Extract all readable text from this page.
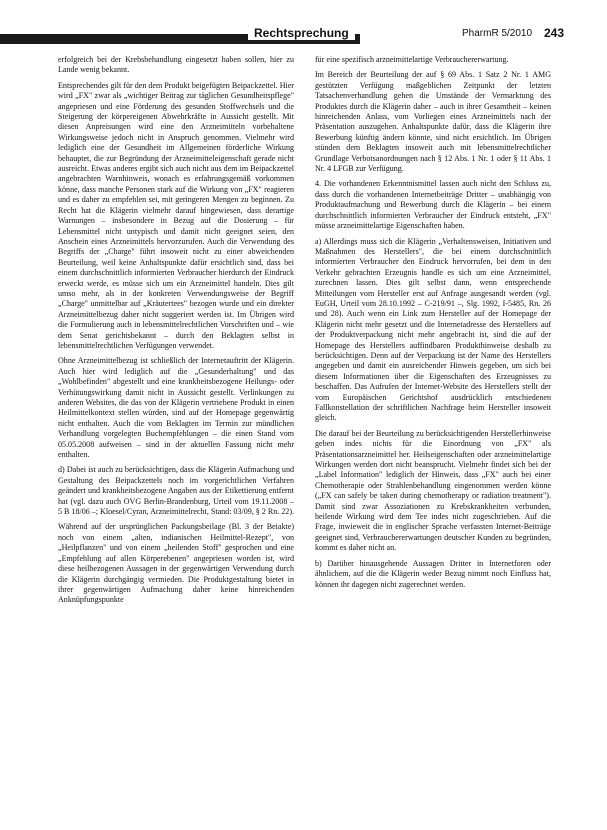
Rechtsprechung	PharmR 5/2010 243

erfolgreich bei der Krebsbehandlung eingesetzt haben sollen, hier zu Lande wenig bekannt.

Entsprechendes gilt für den dem Produkt beigefügten Beipackzettel. Hier wird „FX" zwar als „wichtiger Beitrag zur täglichen Gesundheitspflege" angepriesen und eine Förderung des gesunden Stoffwechsels und die Steigerung der körpereigenen Abwehrkräfte in Aussicht gestellt. Mit diesen Anpreisungen wird eine den Arzneimitteln vorbehaltene Wirkungsweise jedoch nicht in Anspruch genommen. Vielmehr wird lediglich eine der Gesundheit im Allgemeinen förderliche Wirkung behauptet, die zur Begründung der Arzneimitteleigenschaft gerade nicht ausreicht. Etwas anderes ergibt sich auch nicht aus dem im Beipackzettel angebrachten Warnhinweis, wonach es erfahrungsgemäß vorkommen könne, dass manche Personen stark auf die Wirkung von „FX" reagieren und es daher zu empfehlen sei, mit geringeren Mengen zu beginnen. Zu Recht hat die Klägerin vielmehr darauf hingewiesen, dass derartige Warnungen – insbesondere in Bezug auf die Dosierung – für Lebensmittel nicht untypisch und damit nicht geeignet seien, den Anschein eines Arzneimittels hervorzurufen. Auch die Verwendung des Begriffs der „Charge" führt insoweit nicht zu einer abweichenden Beurteilung, weil keine Anhaltspunkte dafür ersichtlich sind, dass bei einem durchschnittlich informierten Verbraucher hierdurch der Eindruck erweckt werde, es müsse sich um ein Arzneimittel handeln. Dies gilt umso mehr, als in der konkreten Verwendungsweise der Begriff „Charge" unmittelbar auf „Kräutertees" bezogen wurde und ein direkter Arzneimittelbezug daher nicht suggeriert werden ist. Im Übrigen wird die Formulierung auch in lebensmittelrechtlichen Vorschriften und – wie dem Senat gerichtsbekannt – durch den Beklagten selbst in lebensmittelrechtlichen Verfügungen verwendet.

Ohne Arzneimittelbezug ist schließlich der Internetauftritt der Klägerin. Auch hier wird lediglich auf die „Gesunderhaltung" und das „Wohlbefinden" abgestellt und eine krankheitsbezogene Heilungs- oder Verhütungswirkung damit nicht in Aussicht gestellt. Verlinkungen zu anderen Websites, die das von der Klägerin vertriebene Produkt in einen Heilmittelkontext stellen würden, sind auf der Homepage gegenwärtig nicht enthalten. Auch die vom Beklagten im Termin zur mündlichen Verhandlung vorgelegten Buchempfehlungen – die einen Stand vom 05.05.2008 aufweisen – sind in der aktuellen Fassung nicht mehr enthalten.

d) Dabei ist auch zu berücksichtigen, dass die Klägerin Aufmachung und Gestaltung des Beipackzettels noch im vorgerichtlichen Verfahren geändert und krankheitsbezogene Angaben aus der Etikettierung entfernt hat (vgl. dazu auch OVG Berlin-Brandenburg, Urteil vom 19.11.2008 – 5 B 18/06 –; Kloesel/Cyran, Arzneimittelrecht, Stand: 03/09, § 2 Rn. 22).

Während auf der ursprünglichen Packungsbeilage (Bl. 3 der Beiakte) noch von einem „alten, indianischen Heilmittel-Rezept", von „Heilpflanzen" und von einem „heilenden Stoff" gesprochen und eine „Empfehlung auf allen Körperebenen" angepriesen worden ist, wird diese heilbezogenen Aussagen in der gegenwärtigen Verwendung durch die Klägerin durchgängig vermieden. Die Produktgestaltung bietet in ihrer gegenwärtigen Aufmachung daher keine hinreichenden Anknüpfungspunkte

für eine spezifisch arzneimittelartige Verbrauchererwartung.

Im Bereich der Beurteilung der auf § 69 Abs. 1 Satz 2 Nr. 1 AMG gestützten Verfügung maßgeblichen Zeitpunkt der letzten Tatsachenverhandlung gehen die Umstände der Vermarktung des Produktes durch die Klägerin daher – auch in ihrer Gesamtheit – keinen hinreichenden Anlass, vom Vorliegen eines Arzneimittels nach der Präsentation auszugehen. Anhaltspunkte dafür, dass die Klägerin ihre Bewerbung künftig ändern könnte, sind nicht ersichtlich. Im Übrigen stünden dem Beklagten insoweit auch mit lebensmittelrechtlicher Grundlage Verbotsanordnungen nach § 12 Abs. 1 Nr. 1 oder § 11 Abs. 1 Nr. 4 LFGB zur Verfügung.

4. Die vorhandenen Erkenntnismittel lassen auch nicht den Schluss zu, dass durch die vorhandenen Internetbeiträge Dritter – unabhängig von Produktaufmachung und Bewerbung durch die Klägerin – bei einem durchschnittlich informierten Verbraucher der Eindruck entsteht, „FX" müsse arzneimittelartige Eigenschaften haben.

a) Allerdings muss sich die Klägerin „Verhaltensweisen, Initiativen und Maßnahmen des Herstellers", die bei einem durchschnittlich informierten Verbraucher den Eindruck hervorrufen, bei dem in den Verkehr gebrachten Erzeugnis handle es sich um eine Arzneimittel, zurechnen lassen. Dies gilt selbst dann, wenn entsprechende Mitteilungen vom Hersteller erst auf Anfrage ausgesandt werden (vgl. EuGH, Urteil vom 28.10.1992 – C-219/91 –, Slg. 1992, I-5485, Rn. 26 und 28). Auch wenn ein Link zum Hersteller auf der Homepage der Klägerin nicht mehr gesetzt und die Internetadresse des Herstellers auf der Produktverpackung nicht mehr angebracht ist, sind die auf der Homepage des Herstellers auffindbaren Produkthinweise deshalb zu berücksichtigen. Denn auf der Verpackung ist der Name des Herstellers angegeben und damit ein ausreichender Hinweis gegeben, um sich bei diesem Informationen über die Eigenschaften des Erzeugnisses zu beschaffen. Das Aufrufen der Internet-Website des Herstellers stellt der vom Europäischen Gerichtshof ausdrücklich entschiedenen Fallkonstellation der schriftlichen Nachfrage beim Hersteller insoweit gleich.

Die darauf bei der Beurteilung zu berücksichtigenden Herstellerhinweise geben indes nichts für die Einordnung von „FX" als Präsentationsarzneimittel her. Heilseigenschaften oder arzneimittelartige Wirkungen werden dort nicht beansprucht. Vielmehr findet sich bei der „Label Information" lediglich der Hinweis, dass „FX" auch bei einer Chemotherapie oder Strahlenbehandlung eingenommen werden könne („FX can safely be taken during chemotherapy or radiation treatment"). Damit sind zwar Assoziationen zu Krebskrankheiten verbunden, heilende Wirkung wird dem Tee indes nicht zugeschrieben. Auf die Frage, inwieweit die in englischer Sprache verfassten Internet-Beiträge geeignet sind, Verbrauchererwartungen deutscher Kunden zu begründen, kommt es daher nicht an.

b) Darüber hinausgehende Aussagen Dritter in Internetforen oder ähnlichem, auf die die Klägerin weder Bezug nimmt noch Einfluss hat, können ihr dagegen nicht zugerechnet werden.
